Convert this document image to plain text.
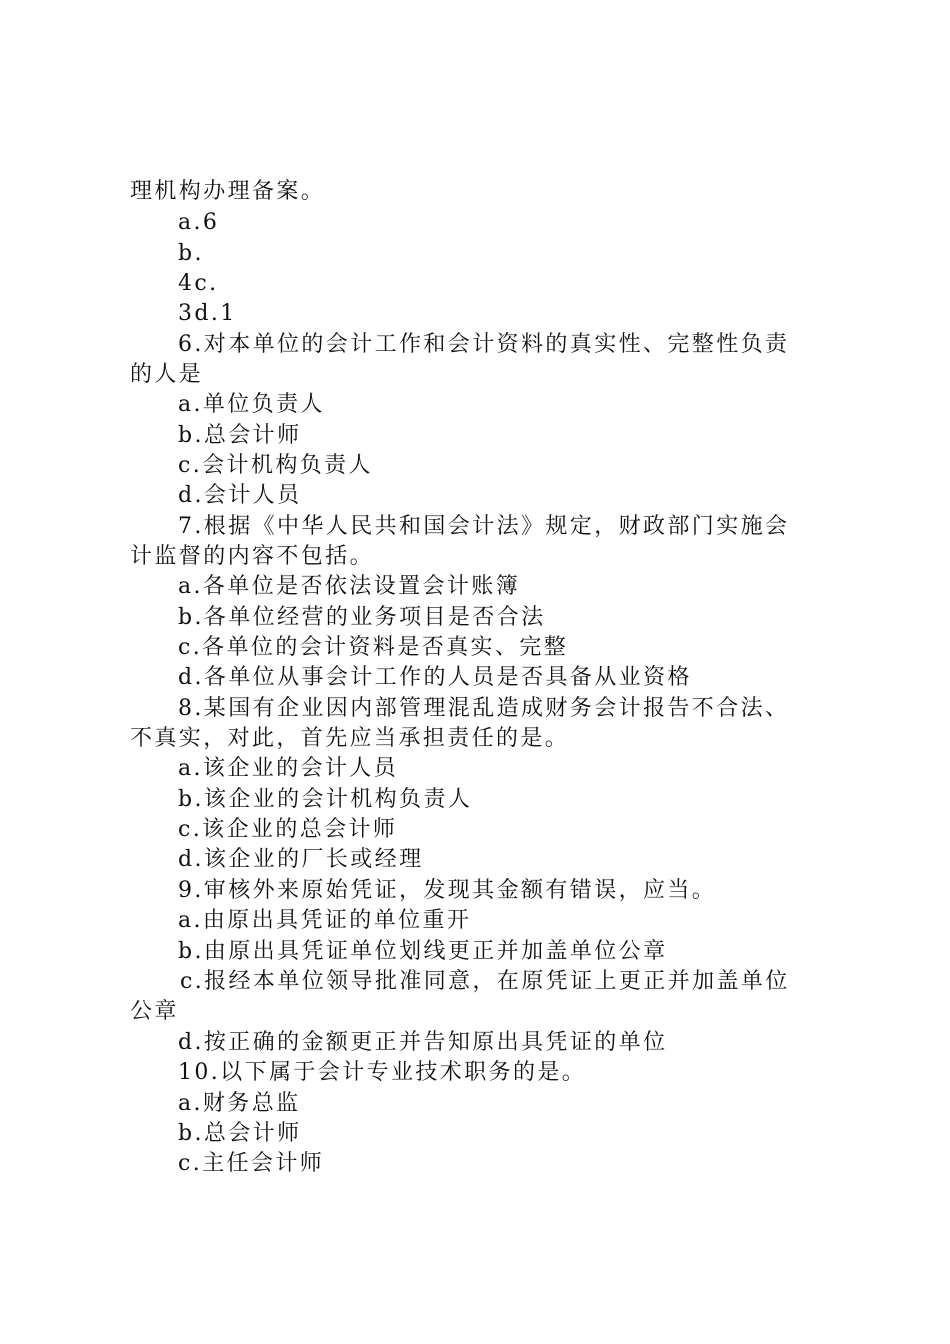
理机构办理备案。
a.6
b.
4c.
3d.1
6.对本单位的会计工作和会计资料的真实性、完整性负责
的人是
a.单位负责人
b.总会计师
c.会计机构负责人
d.会计人员
7.根据《中华人民共和国会计法》规定，财政部门实施会
计监督的内容不包括。
a.各单位是否依法设置会计账簿
b.各单位经营的业务项目是否合法
c.各单位的会计资料是否真实、完整
d.各单位从事会计工作的人员是否具备从业资格
8.某国有企业因内部管理混乱造成财务会计报告不合法、
不真实，对此，首先应当承担责任的是。
a.该企业的会计人员
b.该企业的会计机构负责人
c.该企业的总会计师
d.该企业的厂长或经理
9.审核外来原始凭证，发现其金额有错误，应当。
a.由原出具凭证的单位重开
b.由原出具凭证单位划线更正并加盖单位公章
c.报经本单位领导批准同意，在原凭证上更正并加盖单位
公章
d.按正确的金额更正并告知原出具凭证的单位
10.以下属于会计专业技术职务的是。
a.财务总监
b.总会计师
c.主任会计师
